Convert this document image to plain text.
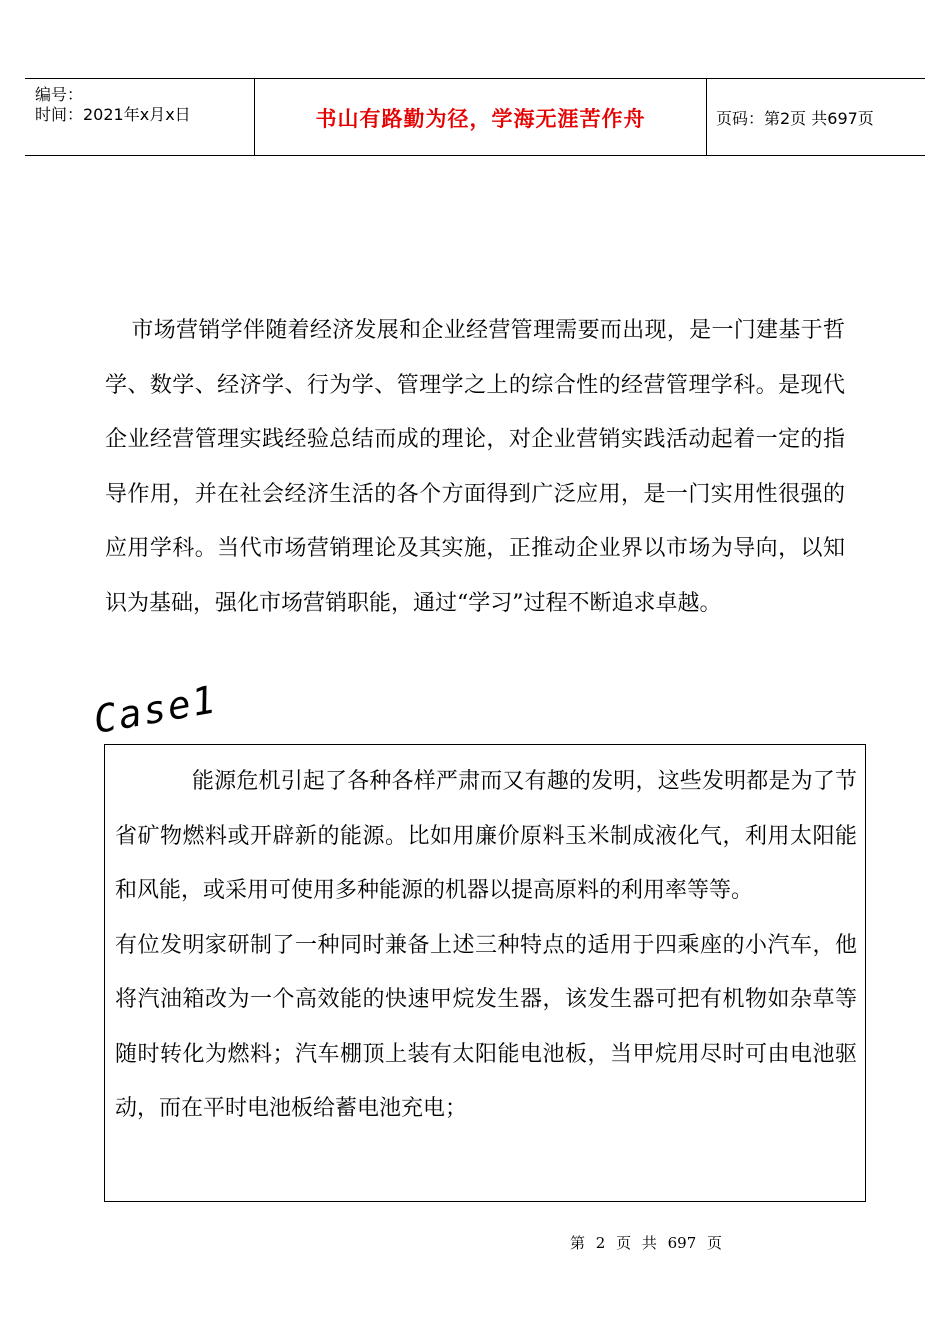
编号：
时间：2021年x月x日	书山有路勤为径，学海无涯苦作舟	页码：第2页 共697页
市场营销学伴随着经济发展和企业经营管理需要而出现，是一门建基于哲学、数学、经济学、行为学、管理学之上的综合性的经营管理学科。是现代企业经营管理实践经验总结而成的理论，对企业营销实践活动起着一定的指导作用，并在社会经济生活的各个方面得到广泛应用，是一门实用性很强的应用学科。当代市场营销理论及其实施，正推动企业界以市场为导向，以知识为基础，强化市场营销职能，通过“学习”过程不断追求卓越。
Case1

能源危机引起了各种各样严肃而又有趣的发明，这些发明都是为了节省矿物燃料或开辟新的能源。比如用廉价原料玉米制成液化气，利用太阳能和风能，或采用可使用多种能源的机器以提高原料的利用率等等。

有位发明家研制了一种同时兼备上述三种特点的适用于四乘座的小汽车，他将汽油箱改为一个高效能的快速甲烷发生器，该发生器可把有机物如杂草等随时转化为燃料；汽车棚顶上装有太阳能电池板，当甲烷用尽时可由电池驱动，而在平时电池板给蓄电池充电；

第 2 页 共 697 页
